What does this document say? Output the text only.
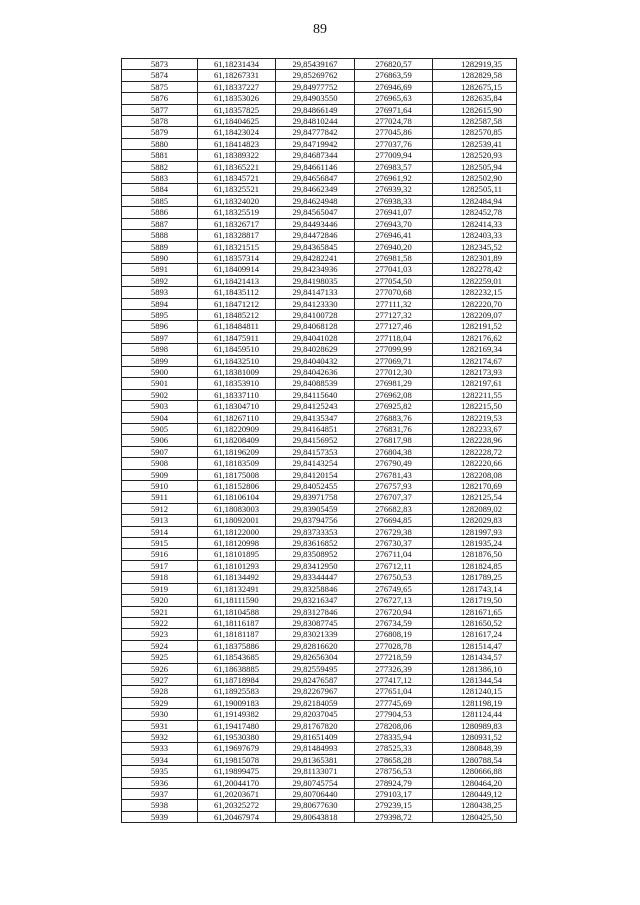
89
5873	61,18231434	29,85439167	276820,57	1282919,35
5874	61,18267331	29,85269762	276863,59	1282829,58
5875	61,18337227	29,84977752	276946,69	1282675,15
5876	61,18353026	29,84903550	276965,63	1282635,84
5877	61,18357825	29,84866149	276971,64	1282615,90
5878	61,18404625	29,84810244	277024,78	1282587,58
5879	61,18423024	29,84777842	277045,86	1282570,85
5880	61,18414823	29,84719942	277037,76	1282539,41
5881	61,18389322	29,84687344	277009,94	1282520,93
5882	61,18365221	29,84661146	276983,57	1282505,94
5883	61,18345721	29,84656847	276961,92	1282502,90
5884	61,18325521	29,84662349	276939,32	1282505,11
5885	61,18324020	29,84624948	276938,33	1282484,94
5886	61,18325519	29,84565047	276941,07	1282452,78
5887	61,18326717	29,84493446	276943,70	1282414,33
5888	61,18328817	29,84472846	276946,41	1282403,33
5889	61,18321515	29,84365845	276940,20	1282345,52
5890	61,18357314	29,84282241	276981,58	1282301,89
5891	61,18409914	29,84234936	277041,03	1282278,42
5892	61,18421413	29,84198035	277054,50	1282259,01
5893	61,18435112	29,84147133	277070,68	1282232,15
5894	61,18471212	29,84123330	277111,32	1282220,70
5895	61,18485212	29,84100728	277127,32	1282209,07
5896	61,18484811	29,84068128	277127,46	1282191,52
5897	61,18475911	29,84041028	277118,04	1282176,62
5898	61,18459510	29,84028629	277099,99	1282169,34
5899	61,18432510	29,84040432	277069,71	1282174,67
5900	61,18381009	29,84042636	277012,30	1282173,93
5901	61,18353910	29,84088539	276981,29	1282197,61
5902	61,18337110	29,84115640	276962,08	1282211,55
5903	61,18304710	29,84125243	276925,82	1282215,50
5904	61,18267110	29,84135347	276883,76	1282219,53
5905	61,18220909	29,84164851	276831,76	1282233,67
5906	61,18208409	29,84156952	276817,98	1282228,96
5907	61,18196209	29,84157353	276804,38	1282228,72
5908	61,18183509	29,84143254	276790,49	1282220,66
5909	61,18175008	29,84120154	276781,43	1282208,08
5910	61,18152806	29,84052455	276757,93	1282170,69
5911	61,18106104	29,83971758	276707,37	1282125,54
5912	61,18083003	29,83905459	276682,83	1282089,02
5913	61,18092001	29,83794756	276694,85	1282029,83
5914	61,18122000	29,83733353	276729,38	1281997,93
5915	61,18120998	29,83616852	276730,37	1281935,24
5916	61,18101895	29,83508952	276711,04	1281876,50
5917	61,18101293	29,83412950	276712,11	1281824,85
5918	61,18134492	29,83344447	276750,53	1281789,25
5919	61,18132491	29,83258846	276749,65	1281743,14
5920	61,18111590	29,83216347	276727,13	1281719,50
5921	61,18104588	29,83127846	276720,94	1281671,65
5922	61,18116187	29,83087745	276734,59	1281650,52
5923	61,18181187	29,83021339	276808,19	1281617,24
5924	61,18375886	29,82816620	277028,78	1281514,47
5925	61,18543685	29,82656304	277218,59	1281434,57
5926	61,18638885	29,82559495	277326,39	1281386,10
5927	61,18718984	29,82476587	277417,12	1281344,54
5928	61,18925583	29,82267967	277651,04	1281240,15
5929	61,19009183	29,82184059	277745,69	1281198,19
5930	61,19149382	29,82037045	277904,53	1281124,44
5931	61,19417480	29,81767820	278208,06	1280989,83
5932	61,19530380	29,81651409	278335,94	1280931,52
5933	61,19697679	29,81484993	278525,33	1280848,39
5934	61,19815078	29,81365381	278658,28	1280788,54
5935	61,19899475	29,81133071	278756,53	1280666,88
5936	61,20044170	29,80745754	278924,79	1280464,20
5937	61,20203671	29,80706440	279103,17	1280449,12
5938	61,20325272	29,80677630	279239,15	1280438,25
5939	61,20467974	29,80643818	279398,72	1280425,50
